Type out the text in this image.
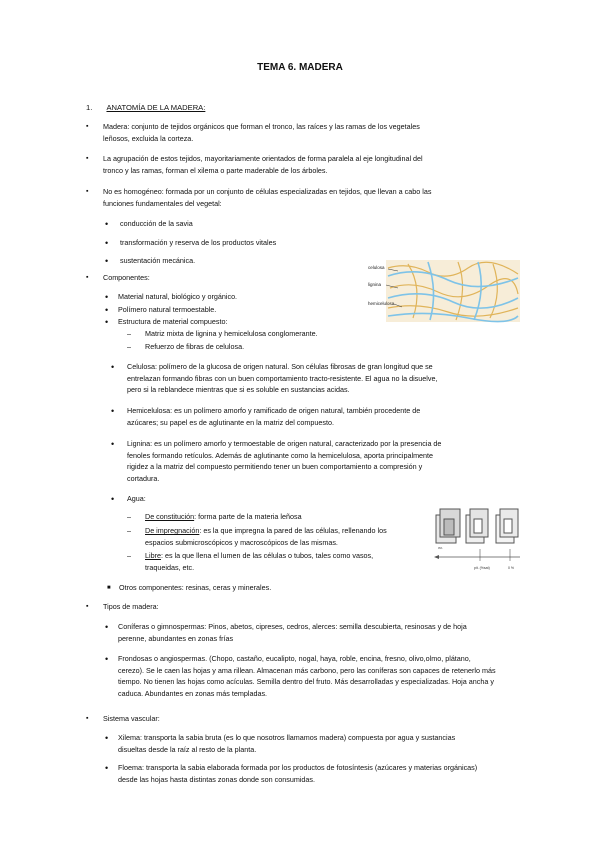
TEMA 6. MADERA
1. ANATOMÍA DE LA MADERA:
▪	Madera: conjunto de tejidos orgánicos que forman el tronco, las raíces y las ramas de los vegetales
leñosos, excluida la corteza.
▪	La agrupación de estos tejidos, mayoritariamente orientados de forma paralela al eje longitudinal del
tronco y las ramas, forman el xilema o parte maderable de los árboles.
▪	No es homogéneo: formada por un conjunto de células especializadas en tejidos, que llevan a cabo las
funciones fundamentales del vegetal:
• conducción de la savia
• transformación y reserva de los productos vitales
• sustentación mecánica.
▪	Componentes:
• Material natural, biológico y orgánico.
• Polímero natural termoestable.
• Estructura de material compuesto:
– Matriz mixta de lignina y hemicelulosa conglomerante.
– Refuerzo de fibras de celulosa.
celulosa
lignina
hemicelulosa
• Celulosa: polímero de la glucosa de origen natural. Son células fibrosas de gran longitud que se
entrelazan formando fibras con un buen comportamiento tracto-resistente. El agua no la disuelve,
pero si la reblandece mientras que si es soluble en sustancias acidas.
• Hemicelulosa: es un polímero amorfo y ramificado de origen natural, también procedente de
azúcares; su papel es de aglutinante en la matriz del compuesto.
• Lignina: es un polímero amorfo y termoestable de origen natural, caracterizado por la presencia de
fenoles formando retículos. Además de aglutinante como la hemicelulosa, aporta principalmente
rigidez a la matriz del compuesto permitiendo tener un buen comportamiento a compresión y
cortadura.
• Agua:
– De constitución: forma parte de la materia leñosa
– De impregnación: es la que impregna la pared de las células, rellenando los
espacios submicroscópicos y macroscópicos de las mismas.
– Libre: es la que llena el lumen de las células o tubos, tales como vasos,
traqueidas, etc.	pit. (%sat)	0 %
0%
■ Otros componentes: resinas, ceras y minerales.
▪	Tipos de madera:
• Coníferas o gimnospermas: Pinos, abetos, cipreses, cedros, alerces: semilla descubierta, resinosas y de hoja
perenne, abundantes en zonas frías
• Frondosas o angiospermas. (Chopo, castaño, eucalipto, nogal, haya, roble, encina, fresno, olivo,olmo, plátano,
cerezo). Se le caen las hojas y ama rillean. Almacenan más carbono, pero las coníferas son capaces de retenerlo más
tiempo. No tienen las hojas como acículas. Semilla dentro del fruto. Más desarrolladas y especializadas. Hoja ancha y
caduca. Abundantes en zonas más templadas.
▪	Sistema vascular:
• Xilema: transporta la sabia bruta (es lo que nosotros llamamos madera) compuesta por agua y sustancias
disueltas desde la raíz al resto de la planta.
• Floema: transporta la sabia elaborada formada por los productos de fotosíntesis (azúcares y materias orgánicas)
desde las hojas hasta distintas zonas donde son consumidas.
